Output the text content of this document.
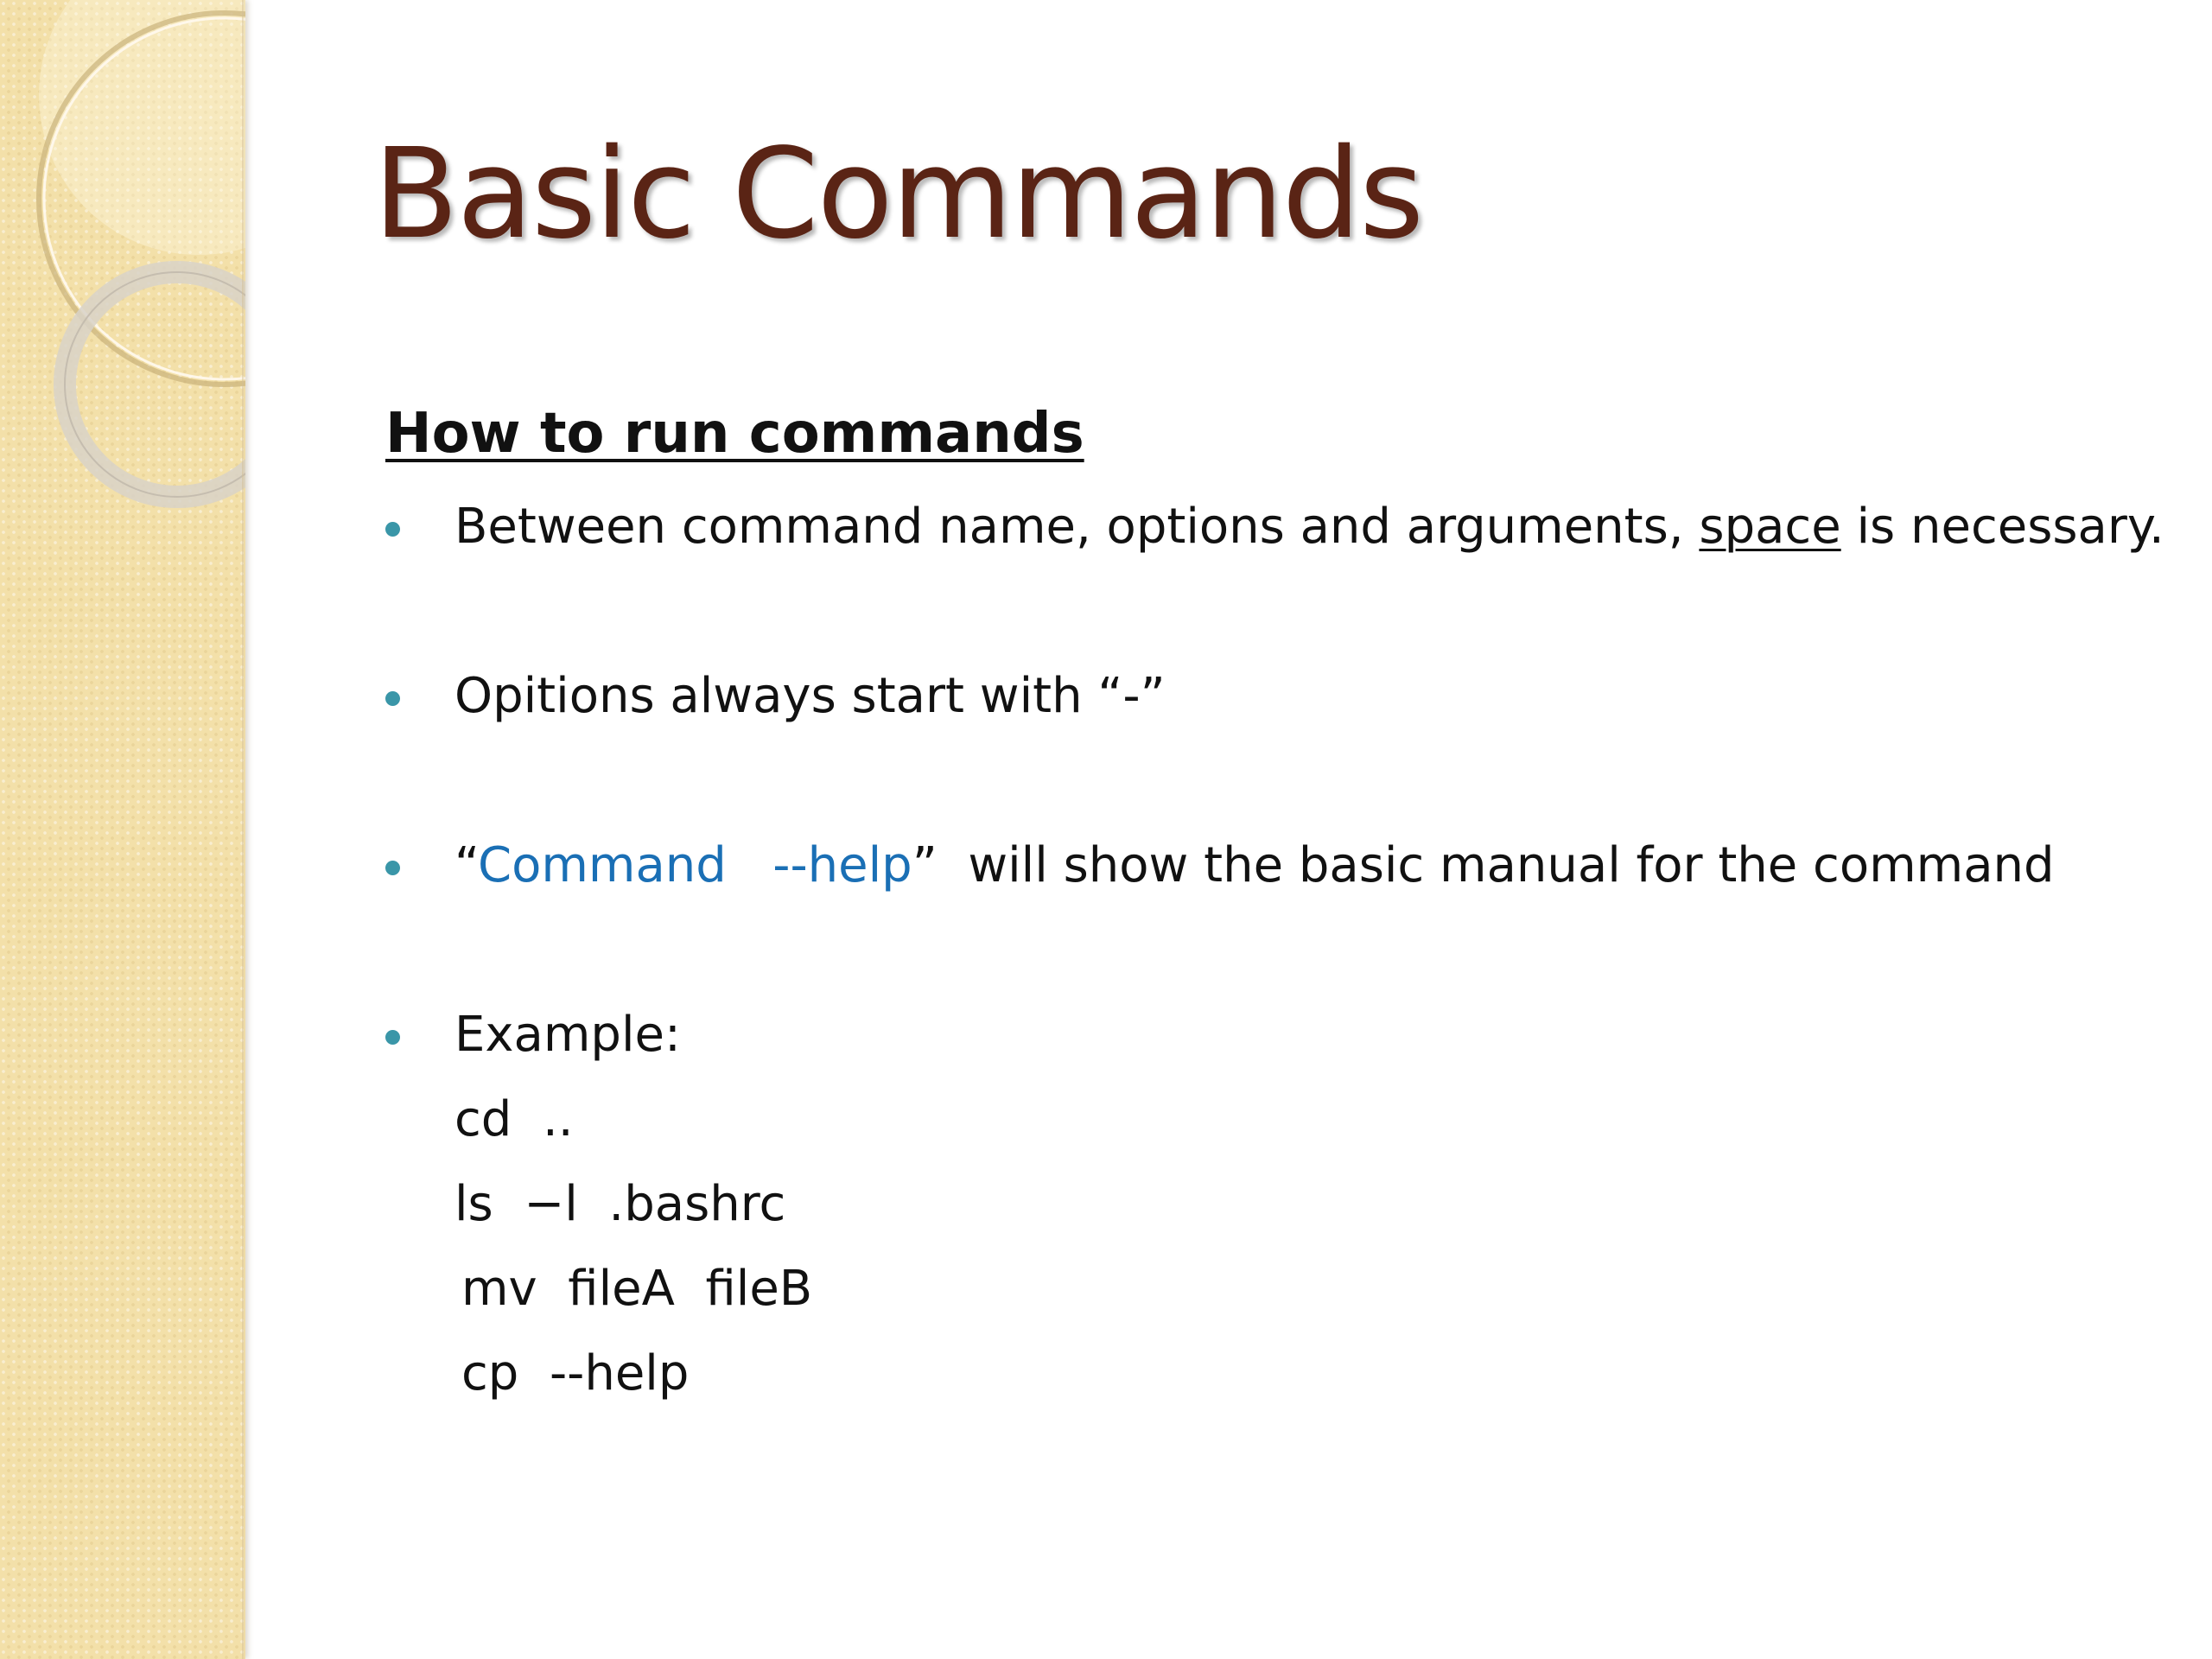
Basic Commands
How to run commands
Between command name, options and arguments, space is necessary.
Opitions always start with “-”
“Command   --help”  will show the basic manual for the command
Example:
cd  ..
ls  −l  .bashrc
mv  fileA  fileB
cp  --help
